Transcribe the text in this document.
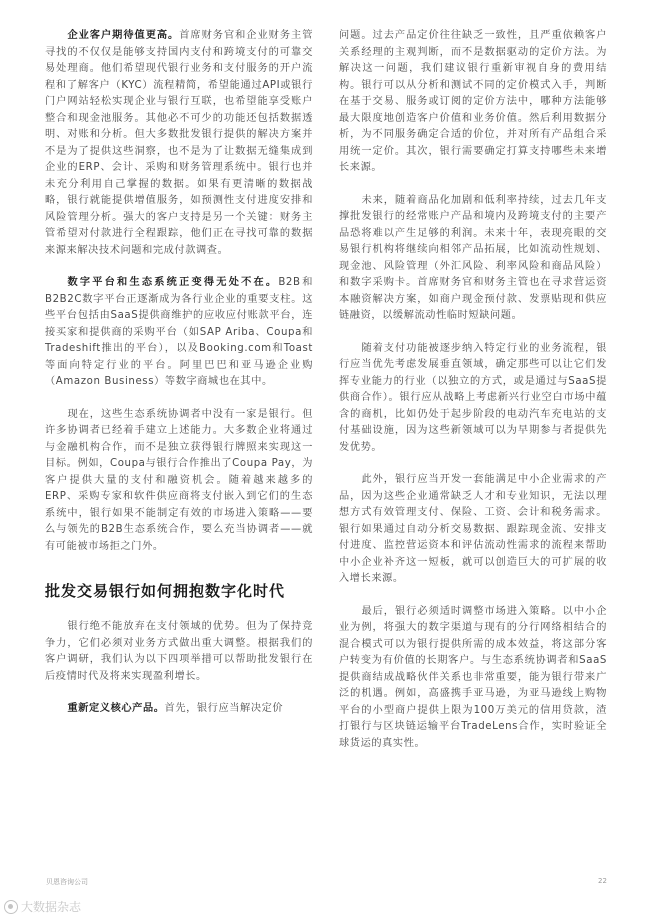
企业客户期待值更高。首席财务官和企业财务主管寻找的不仅仅是能够支持国内支付和跨境支付的可靠交易处理商。他们希望现代银行业务和支付服务的开户流程和了解客户（KYC）流程精简，希望能通过API或银行门户网站轻松实现企业与银行互联，也希望能享受账户整合和现金池服务。其他必不可少的功能还包括数据透明、对账和分析。但大多数批发银行提供的解决方案并不是为了提供这些洞察，也不是为了让数据无缝集成到企业的ERP、会计、采购和财务管理系统中。银行也并未充分利用自己掌握的数据。如果有更清晰的数据战略，银行就能提供增值服务，如预测性支付进度安排和风险管理分析。强大的客户支持是另一个关键：财务主管希望对付款进行全程跟踪，他们正在寻找可靠的数据来源来解决技术问题和完成付款调查。

数字平台和生态系统正变得无处不在。B2B和B2B2C数字平台正逐渐成为各行业企业的重要支柱。这些平台包括由SaaS提供商维护的应收应付账款平台，连接买家和提供商的采购平台（如SAP Ariba、Coupa和Tradeshift推出的平台），以及Booking.com和Toast等面向特定行业的平台。阿里巴巴和亚马逊企业购（Amazon Business）等数字商城也在其中。

现在，这些生态系统协调者中没有一家是银行。但许多协调者已经着手建立上述能力。大多数企业将通过与金融机构合作，而不是独立获得银行牌照来实现这一目标。例如，Coupa与银行合作推出了Coupa Pay，为客户提供大量的支付和融资机会。随着越来越多的ERP、采购专家和软件供应商将支付嵌入到它们的生态系统中，银行如果不能制定有效的市场进入策略——要么与领先的B2B生态系统合作，要么充当协调者——就有可能被市场拒之门外。

批发交易银行如何拥抱数字化时代

银行绝不能放弃在支付领域的优势。但为了保持竞争力，它们必须对业务方式做出重大调整。根据我们的客户调研，我们认为以下四项举措可以帮助批发银行在后疫情时代及将来实现盈利增长。

重新定义核心产品。首先，银行应当解决定价

问题。过去产品定价往往缺乏一致性，且严重依赖客户关系经理的主观判断，而不是数据驱动的定价方法。为解决这一问题，我们建议银行重新审视自身的费用结构。银行可以从分析和测试不同的定价模式入手，判断在基于交易、服务或订阅的定价方法中，哪种方法能够最大限度地创造客户价值和业务价值。然后利用数据分析，为不同服务确定合适的价位，并对所有产品组合采用统一定价。其次，银行需要确定打算支持哪些未来增长来源。

未来，随着商品化加剧和低利率持续，过去几年支撑批发银行的经常账户产品和境内及跨境支付的主要产品恐将难以产生足够的利润。未来十年，表现亮眼的交易银行机构将继续向相邻产品拓展，比如流动性规划、现金池、风险管理（外汇风险、利率风险和商品风险）和数字采购卡。首席财务官和财务主管也在寻求营运资本融资解决方案，如商户现金预付款、发票贴现和供应链融资，以缓解流动性临时短缺问题。

随着支付功能被逐步纳入特定行业的业务流程，银行应当优先考虑发展垂直领域，确定那些可以让它们发挥专业能力的行业（以独立的方式，或是通过与SaaS提供商合作）。银行应从战略上考虑新兴行业空白市场中蕴含的商机，比如仍处于起步阶段的电动汽车充电站的支付基础设施，因为这些新领域可以为早期参与者提供先发优势。

此外，银行应当开发一套能满足中小企业需求的产品，因为这些企业通常缺乏人才和专业知识，无法以理想方式有效管理支付、保险、工资、会计和税务需求。银行如果通过自动分析交易数据、跟踪现金流、安排支付进度、监控营运资本和评估流动性需求的流程来帮助中小企业补齐这一短板，就可以创造巨大的可扩展的收入增长来源。

最后，银行必须适时调整市场进入策略。以中小企业为例，将强大的数字渠道与现有的分行网络相结合的混合模式可以为银行提供所需的成本效益，将这部分客户转变为有价值的长期客户。与生态系统协调者和SaaS提供商结成战略伙伴关系也非常重要，能为银行带来广泛的机遇。例如，高盛携手亚马逊，为亚马逊线上购物平台的小型商户提供上限为100万美元的信用贷款，渣打银行与区块链运输平台TradeLens合作，实时验证全球货运的真实性。

贝恩咨询公司	22
大数据杂志
